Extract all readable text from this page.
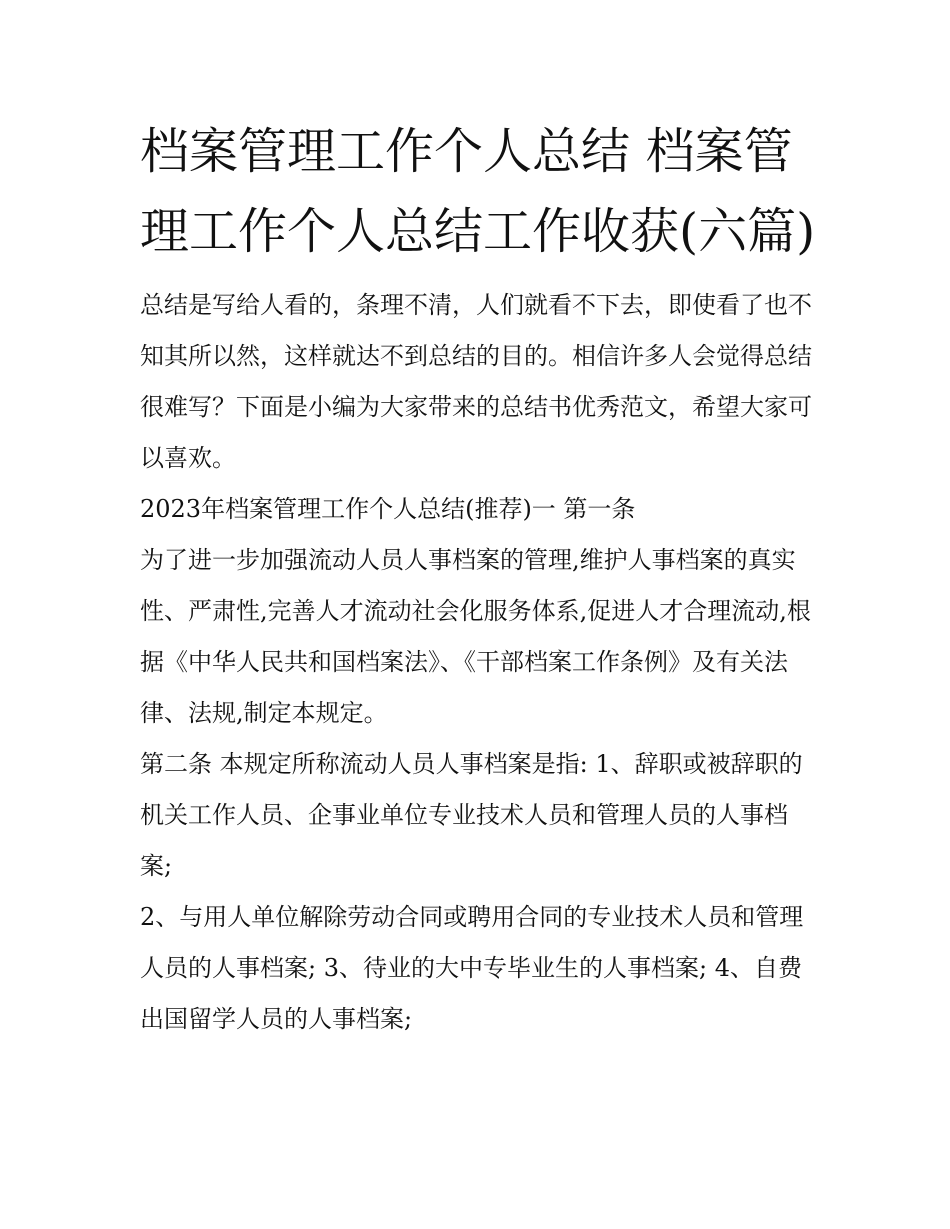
档案管理工作个人总结 档案管理工作个人总结工作收获(六篇)

总结是写给人看的，条理不清，人们就看不下去，即使看了也不知其所以然，这样就达不到总结的目的。相信许多人会觉得总结很难写？下面是小编为大家带来的总结书优秀范文，希望大家可以喜欢。

2023年档案管理工作个人总结(推荐)一 第一条

为了进一步加强流动人员人事档案的管理,维护人事档案的真实性、严肃性,完善人才流动社会化服务体系,促进人才合理流动,根据《中华人民共和国档案法》、《干部档案工作条例》及有关法律、法规,制定本规定。

第二条 本规定所称流动人员人事档案是指: 1、辞职或被辞职的机关工作人员、企事业单位专业技术人员和管理人员的人事档案;

2、与用人单位解除劳动合同或聘用合同的专业技术人员和管理人员的人事档案; 3、待业的大中专毕业生的人事档案; 4、自费出国留学人员的人事档案;
